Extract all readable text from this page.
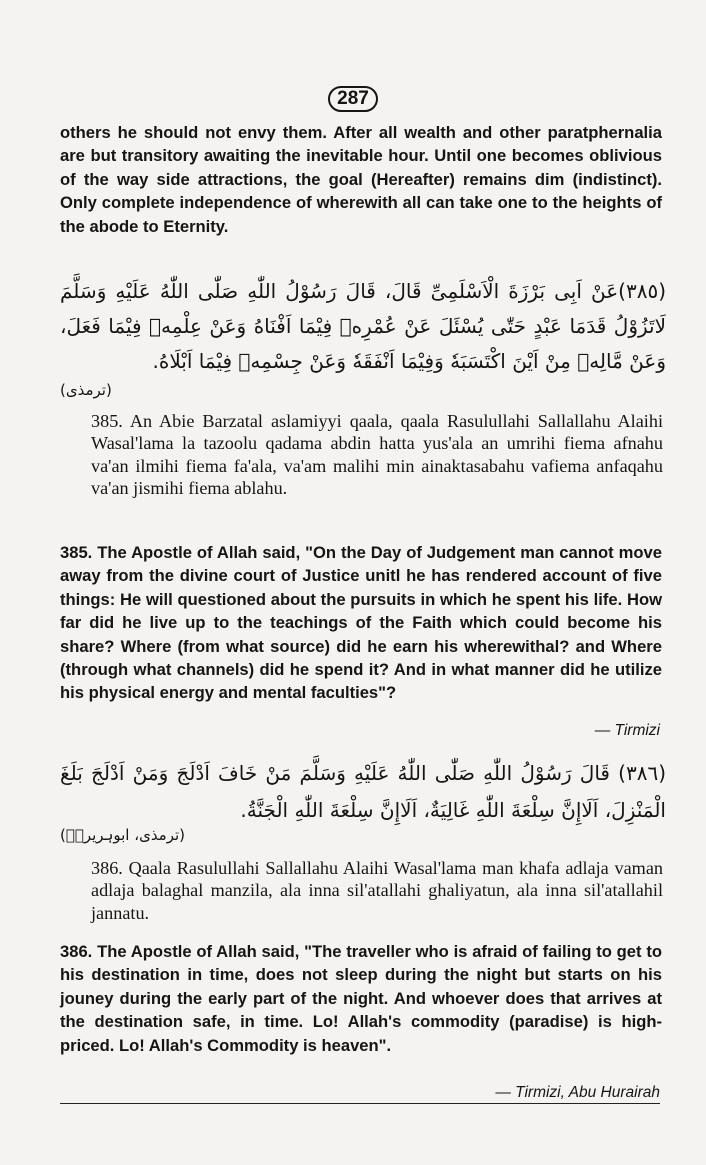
287

others he should not envy them. After all wealth and other paratphernalia are but transitory awaiting the inevitable hour. Until one becomes oblivious of the way side attractions, the goal (Hereafter) remains dim (indistinct). Only complete independence of wherewith all can take one to the heights of the abode to Eternity.

(٣٨٥)عَنْ اَبِی بَرْزَةَ الْاَسْلَمِیِّ قَالَ، قَالَ رَسُوْلُ اللّٰهِ صَلّٰی اللّٰهُ عَلَیْهِ وَسَلَّمَ لَاتَزُوْلُ قَدَمَا عَبْدٍ حَتّٰی یُسْئَلَ عَنْ عُمْرِهٖ فِیْمَا اَفْنَاهُ وَعَنْ عِلْمِهٖ فِیْمَا فَعَلَ، وَعَنْ مَّالِهٖ مِنْ اَیْنَ اکْتَسَبَهٗ وَفِیْمَا اَنْفَقَهٗ وَعَنْ جِسْمِهٖ فِیْمَا اَبْلَاهُ.

(ترمذی)

385. An Abie Barzatal aslamiyyi qaala, qaala Rasulullahi Sallallahu Alaihi Wasal'lama la tazoolu qadama abdin hatta yus'ala an umrihi fiema afnahu va'an ilmihi fiema fa'ala, va'am malihi min ainaktasabahu vafiema anfaqahu va'an jismihi fiema ablahu.

385. The Apostle of Allah said, "On the Day of Judgement man cannot move away from the divine court of Justice unitl he has rendered account of five things: He will questioned about the pursuits in which he spent his life. How far did he live up to the teachings of the Faith which could become his share? Where (from what source) did he earn his wherewithal? and Where (through what channels) did he spend it? And in what manner did he utilize his physical energy and mental faculties"?

— Tirmizi

(٣٨٦) قَالَ رَسُوْلُ اللّٰهِ صَلّٰی اللّٰهُ عَلَیْهِ وَسَلَّمَ مَنْ خَافَ اَدْلَجَ وَمَنْ اَدْلَجَ بَلَغَ الْمَنْزِلَ، اَلَاإِنَّ سِلْعَةَ اللّٰهِ غَالِیَةٌ، اَلَاإِنَّ سِلْعَةَ اللّٰهِ الْجَنَّةُ.

(ترمذی، ابوہریرہؓ)

386. Qaala Rasulullahi Sallallahu Alaihi Wasal'lama man khafa adlaja vaman adlaja balaghal manzila, ala inna sil'atallahi ghaliyatun, ala inna sil'atallahil jannatu.

386. The Apostle of Allah said, "The traveller who is afraid of failing to get to his destination in time, does not sleep during the night but starts on his jouney during the early part of the night. And whoever does that arrives at the destination safe, in time. Lo! Allah's commodity (paradise) is high-priced. Lo! Allah's Commodity is heaven".

— Tirmizi, Abu Hurairah
